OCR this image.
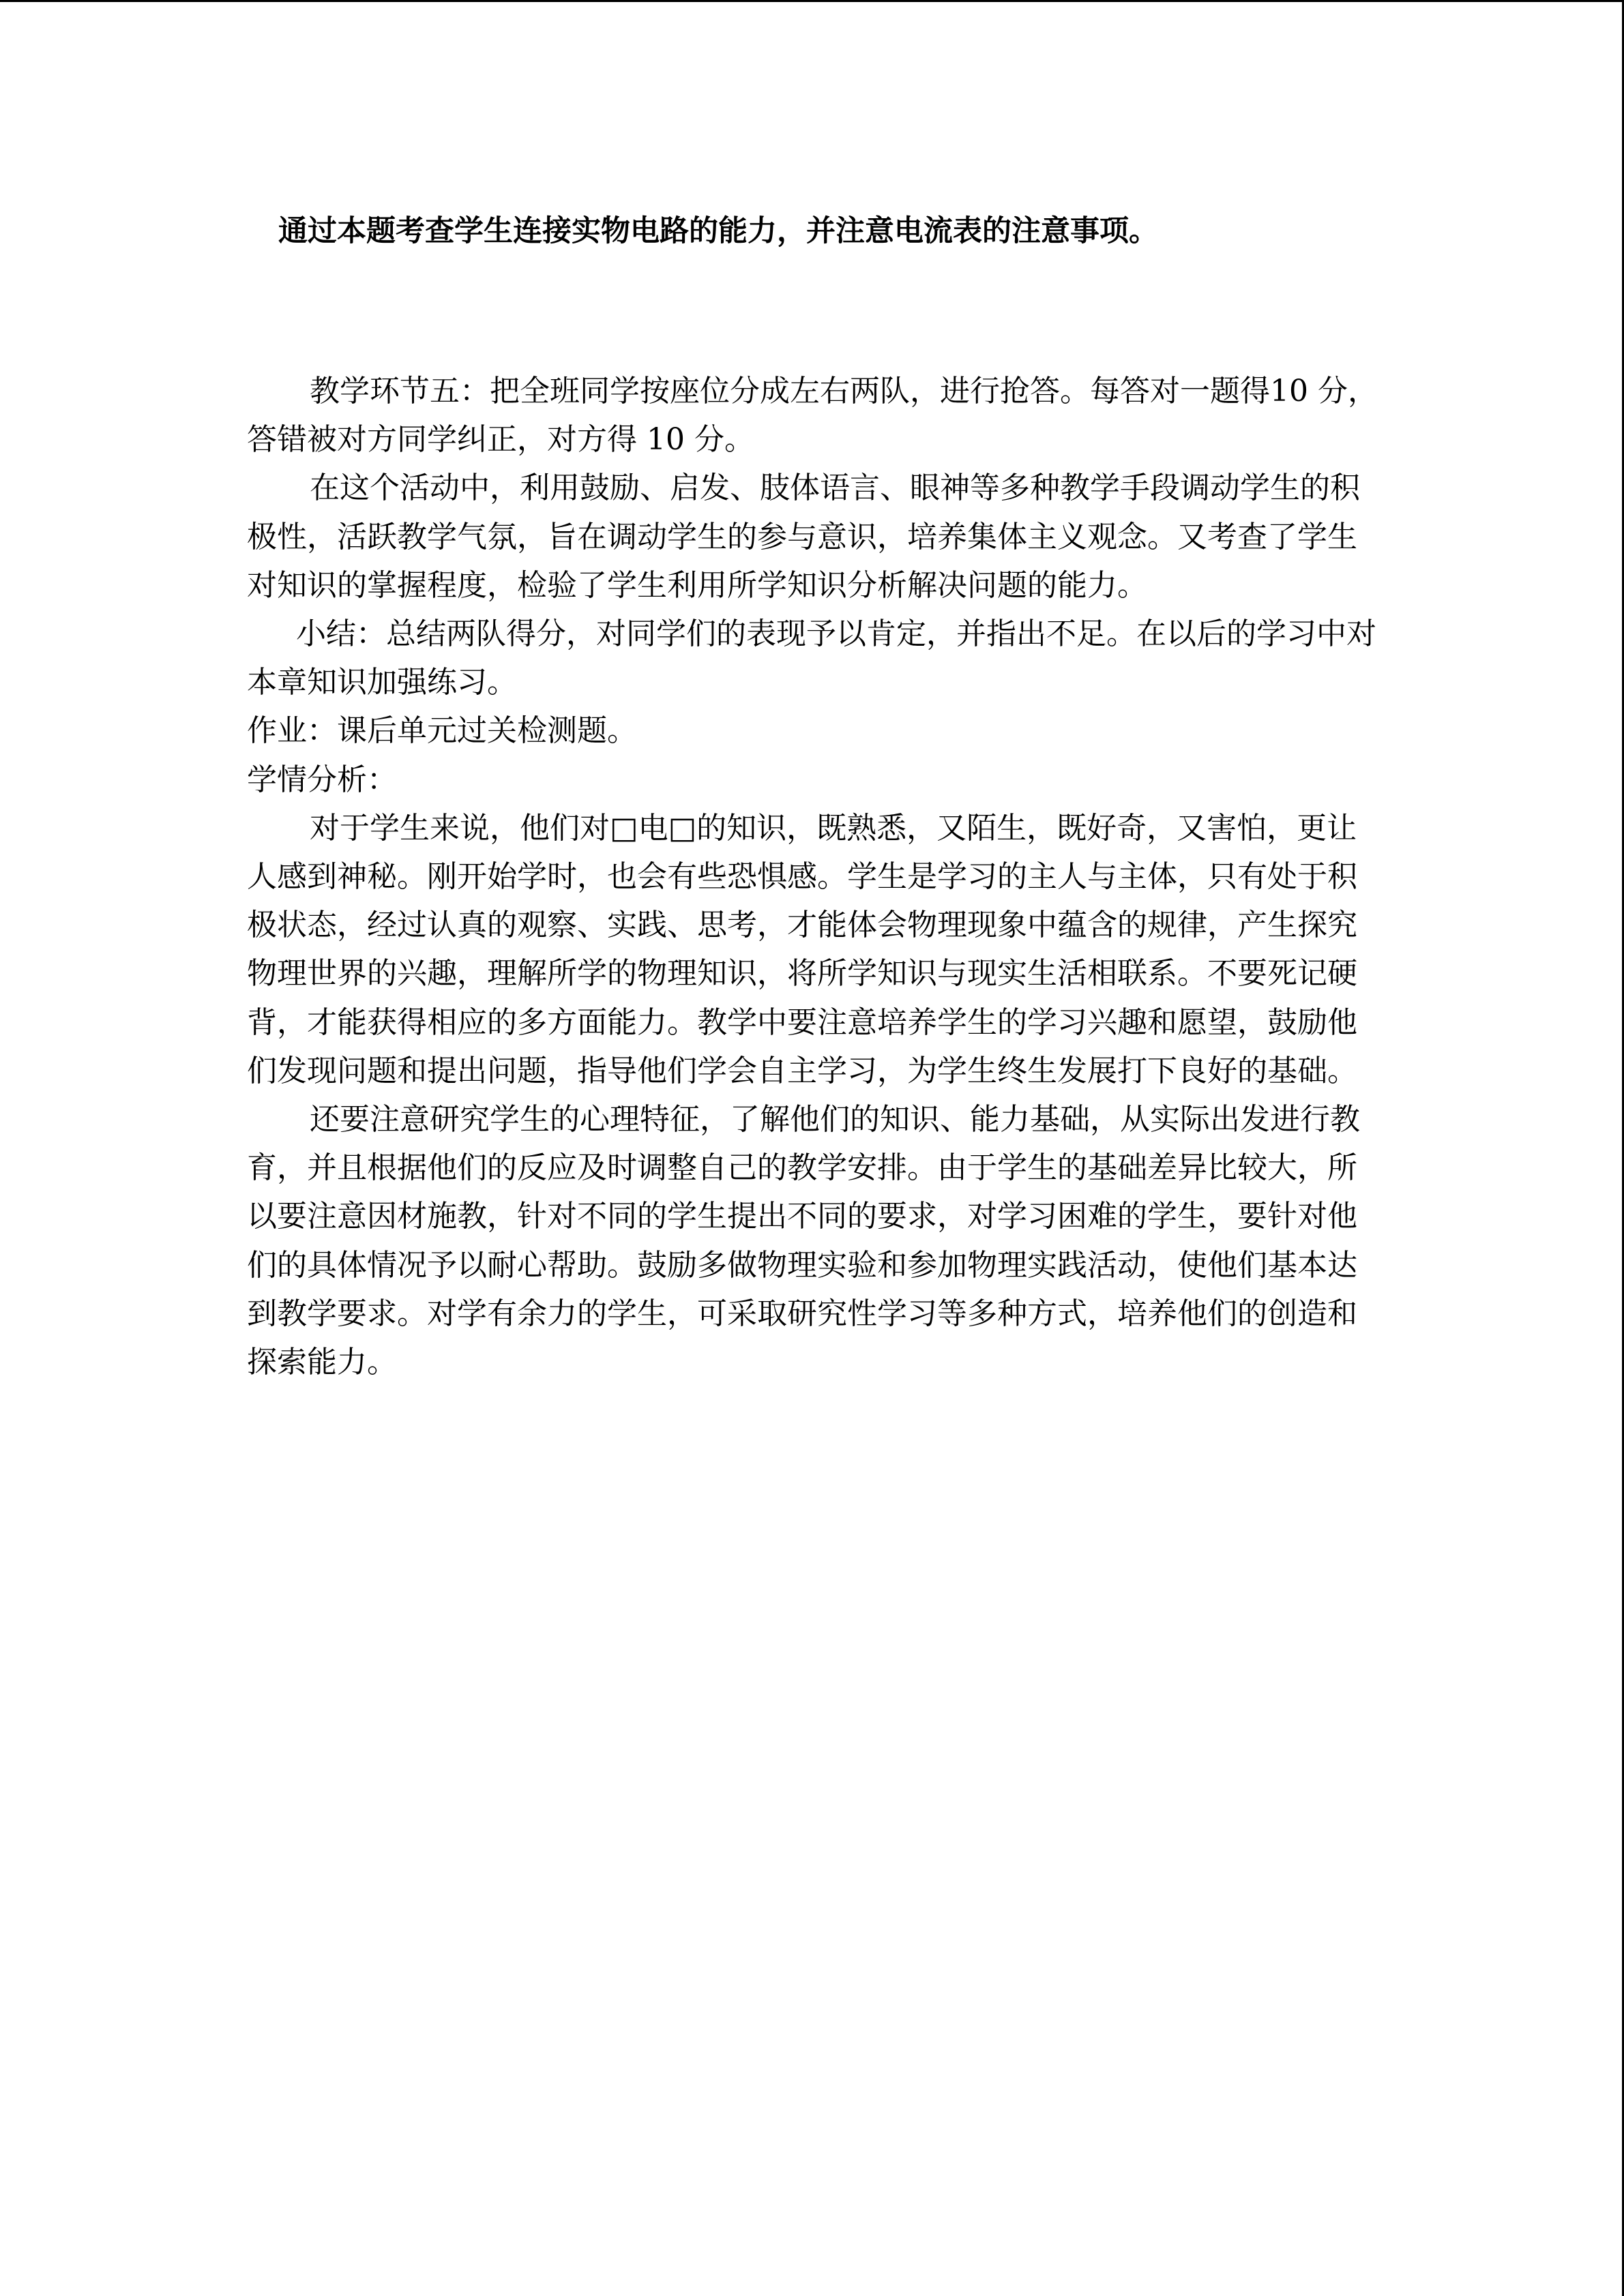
通过本题考查学生连接实物电路的能力，并注意电流表的注意事项。

教学环节五：把全班同学按座位分成左右两队，进行抢答。每答对一题得10 分，答错被对方同学纠正，对方得 10 分。

在这个活动中，利用鼓励、启发、肢体语言、眼神等多种教学手段调动学生的积极性，活跃教学气氛，旨在调动学生的参与意识，培养集体主义观念。又考查了学生对知识的掌握程度，检验了学生利用所学知识分析解决问题的能力。

小结：总结两队得分，对同学们的表现予以肯定，并指出不足。在以后的学习中对本章知识加强练习。

作业：课后单元过关检测题。

学情分析：

对于学生来说，他们对□电□的知识，既熟悉，又陌生，既好奇，又害怕，更让人感到神秘。刚开始学时，也会有些恐惧感。学生是学习的主人与主体，只有处于积极状态，经过认真的观察、实践、思考，才能体会物理现象中蕴含的规律，产生探究物理世界的兴趣，理解所学的物理知识，将所学知识与现实生活相联系。不要死记硬背，才能获得相应的多方面能力。教学中要注意培养学生的学习兴趣和愿望，鼓励他们发现问题和提出问题，指导他们学会自主学习，为学生终生发展打下良好的基础。

还要注意研究学生的心理特征，了解他们的知识、能力基础，从实际出发进行教育，并且根据他们的反应及时调整自己的教学安排。由于学生的基础差异比较大，所以要注意因材施教，针对不同的学生提出不同的要求，对学习困难的学生，要针对他们的具体情况予以耐心帮助。鼓励多做物理实验和参加物理实践活动，使他们基本达到教学要求。对学有余力的学生，可采取研究性学习等多种方式，培养他们的创造和探索能力。
